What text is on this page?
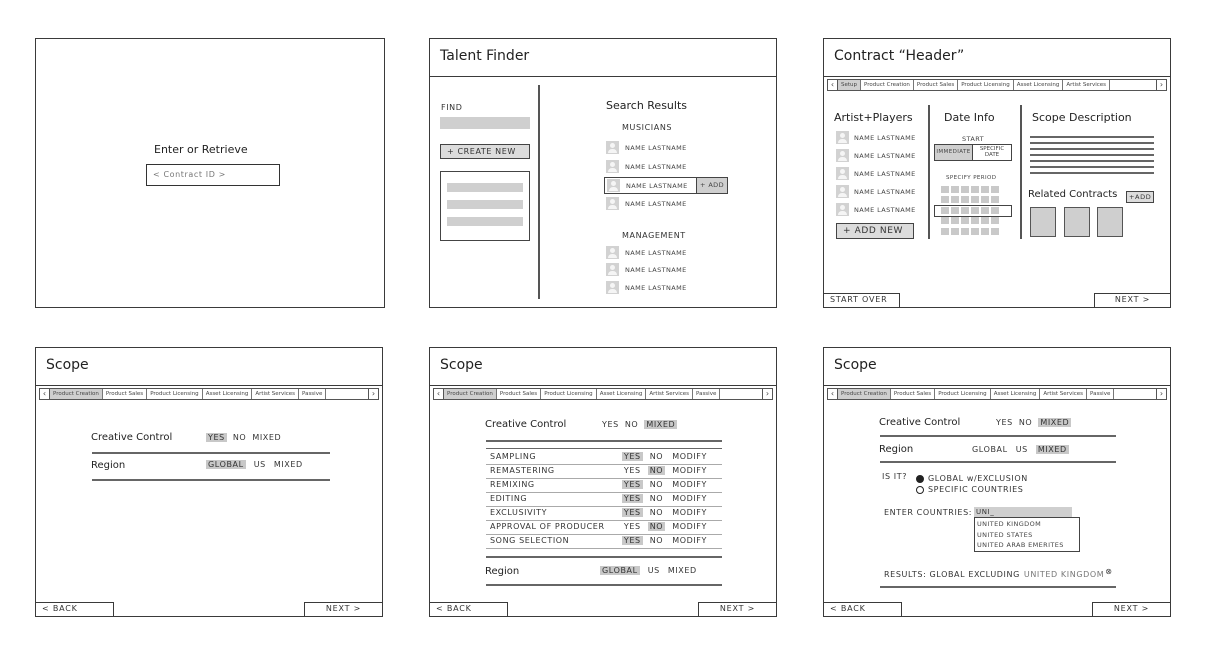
Enter or Retrieve
< Contract ID >
Talent Finder
FIND
+ CREATE NEW
Search Results
MUSICIANS
NAME LASTNAME
NAME LASTNAME
NAME LASTNAME	+ ADD
NAME LASTNAME
MANAGEMENT
NAME LASTNAME
NAME LASTNAME
NAME LASTNAME
Contract “Header”
‹	Setup	Product Creation	Product Sales	Product Licensing	Asset Licensing	Artist Services	›
Artist+Players
NAME LASTNAME
NAME LASTNAME
NAME LASTNAME
NAME LASTNAME
NAME LASTNAME
+ ADD NEW
Date Info
START
IMMEDIATE	SPECIFIC
DATE
SPECIFY PERIOD
Scope Description
Related Contracts	+ADD
START OVER	NEXT >
Scope
‹	Product Creation	Product Sales	Product Licensing	Asset Licensing	Artist Services	Passive	›
Creative Control	YES NO MIXED
Region	GLOBAL US MIXED
< BACK	NEXT >
Scope
‹	Product Creation	Product Sales	Product Licensing	Asset Licensing	Artist Services	Passive	›
Creative Control	YES NO MIXED
Region	GLOBAL US MIXED
< BACK	NEXT >
SAMPLING	YES NO MODIFY
REMASTERING	YES NO MODIFY
REMIXING	YES NO MODIFY
EDITING	YES NO MODIFY
EXCLUSIVITY	YES NO MODIFY
APPROVAL OF PRODUCER	YES NO MODIFY
SONG SELECTION	YES NO MODIFY
Scope
‹	Product Creation	Product Sales	Product Licensing	Asset Licensing	Artist Services	Passive	›
Creative Control	YES NO MIXED
Region	GLOBAL US MIXED
IS IT?	GLOBAL w/EXCLUSION
SPECIFIC COUNTRIES
ENTER COUNTRIES: UNI_
UNITED KINGDOM
UNITED STATES
UNITED ARAB EMERITES
RESULTS: GLOBAL EXCLUDING UNITED KINGDOM ⊗
< BACK	NEXT >
